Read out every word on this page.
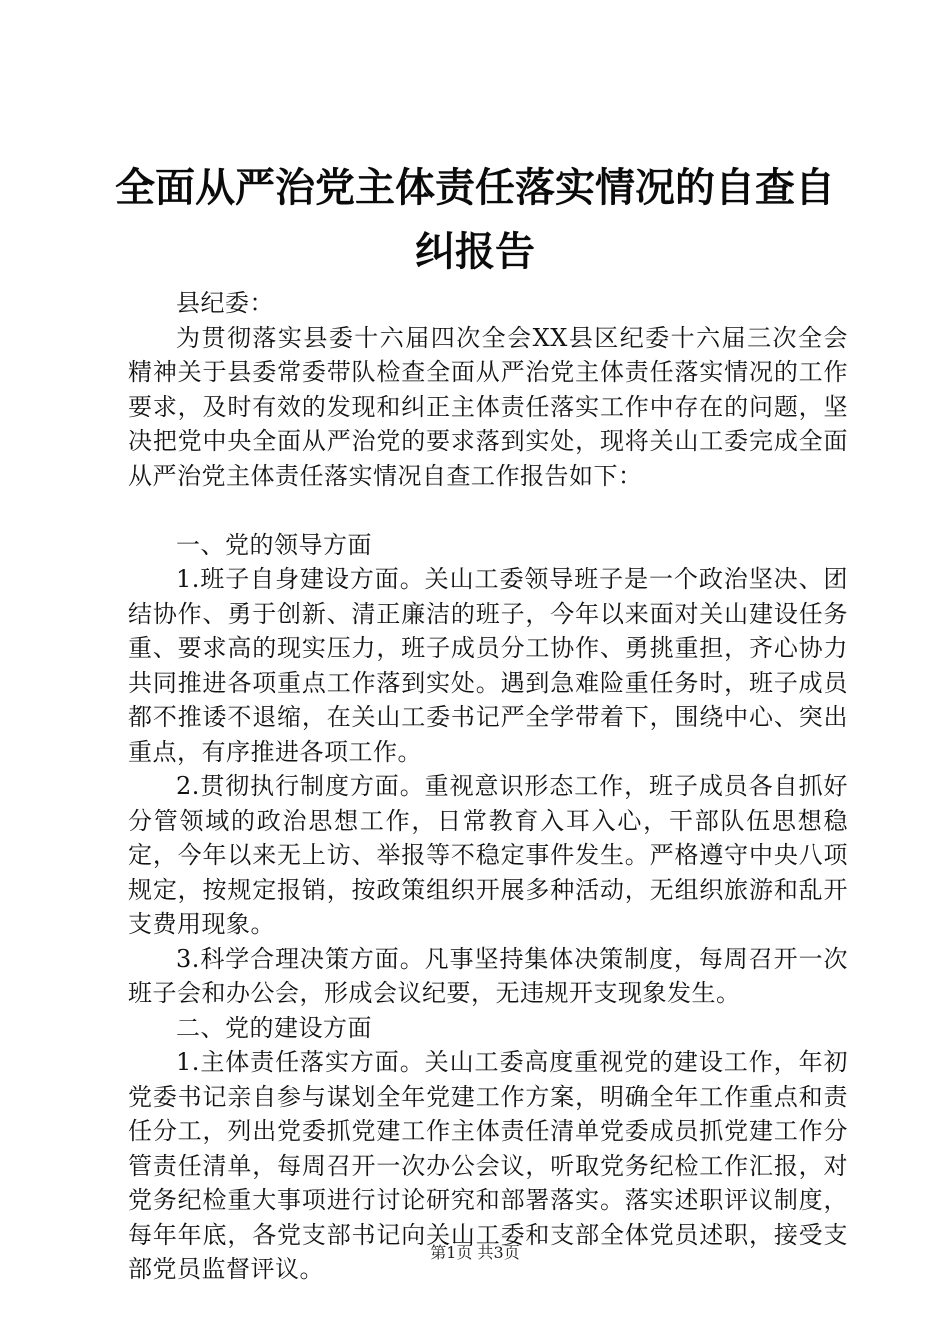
全面从严治党主体责任落实情况的自查自纠报告

县纪委：

为贯彻落实县委十六届四次全会XX县区纪委十六届三次全会精神关于县委常委带队检查全面从严治党主体责任落实情况的工作要求，及时有效的发现和纠正主体责任落实工作中存在的问题，坚决把党中央全面从严治党的要求落到实处，现将关山工委完成全面从严治党主体责任落实情况自查工作报告如下：

一、党的领导方面

1.班子自身建设方面。关山工委领导班子是一个政治坚决、团结协作、勇于创新、清正廉洁的班子，今年以来面对关山建设任务重、要求高的现实压力，班子成员分工协作、勇挑重担，齐心协力共同推进各项重点工作落到实处。遇到急难险重任务时，班子成员都不推诿不退缩，在关山工委书记严全学带着下，围绕中心、突出重点，有序推进各项工作。

2.贯彻执行制度方面。重视意识形态工作，班子成员各自抓好分管领域的政治思想工作，日常教育入耳入心，干部队伍思想稳定，今年以来无上访、举报等不稳定事件发生。严格遵守中央八项规定，按规定报销，按政策组织开展多种活动，无组织旅游和乱开支费用现象。

3.科学合理决策方面。凡事坚持集体决策制度，每周召开一次班子会和办公会，形成会议纪要，无违规开支现象发生。

二、党的建设方面

1.主体责任落实方面。关山工委高度重视党的建设工作，年初党委书记亲自参与谋划全年党建工作方案，明确全年工作重点和责任分工，列出党委抓党建工作主体责任清单党委成员抓党建工作分管责任清单，每周召开一次办公会议，听取党务纪检工作汇报，对党务纪检重大事项进行讨论研究和部署落实。落实述职评议制度，每年年底，各党支部书记向关山工委和支部全体党员述职，接受支部党员监督评议。

第1页 共3页
